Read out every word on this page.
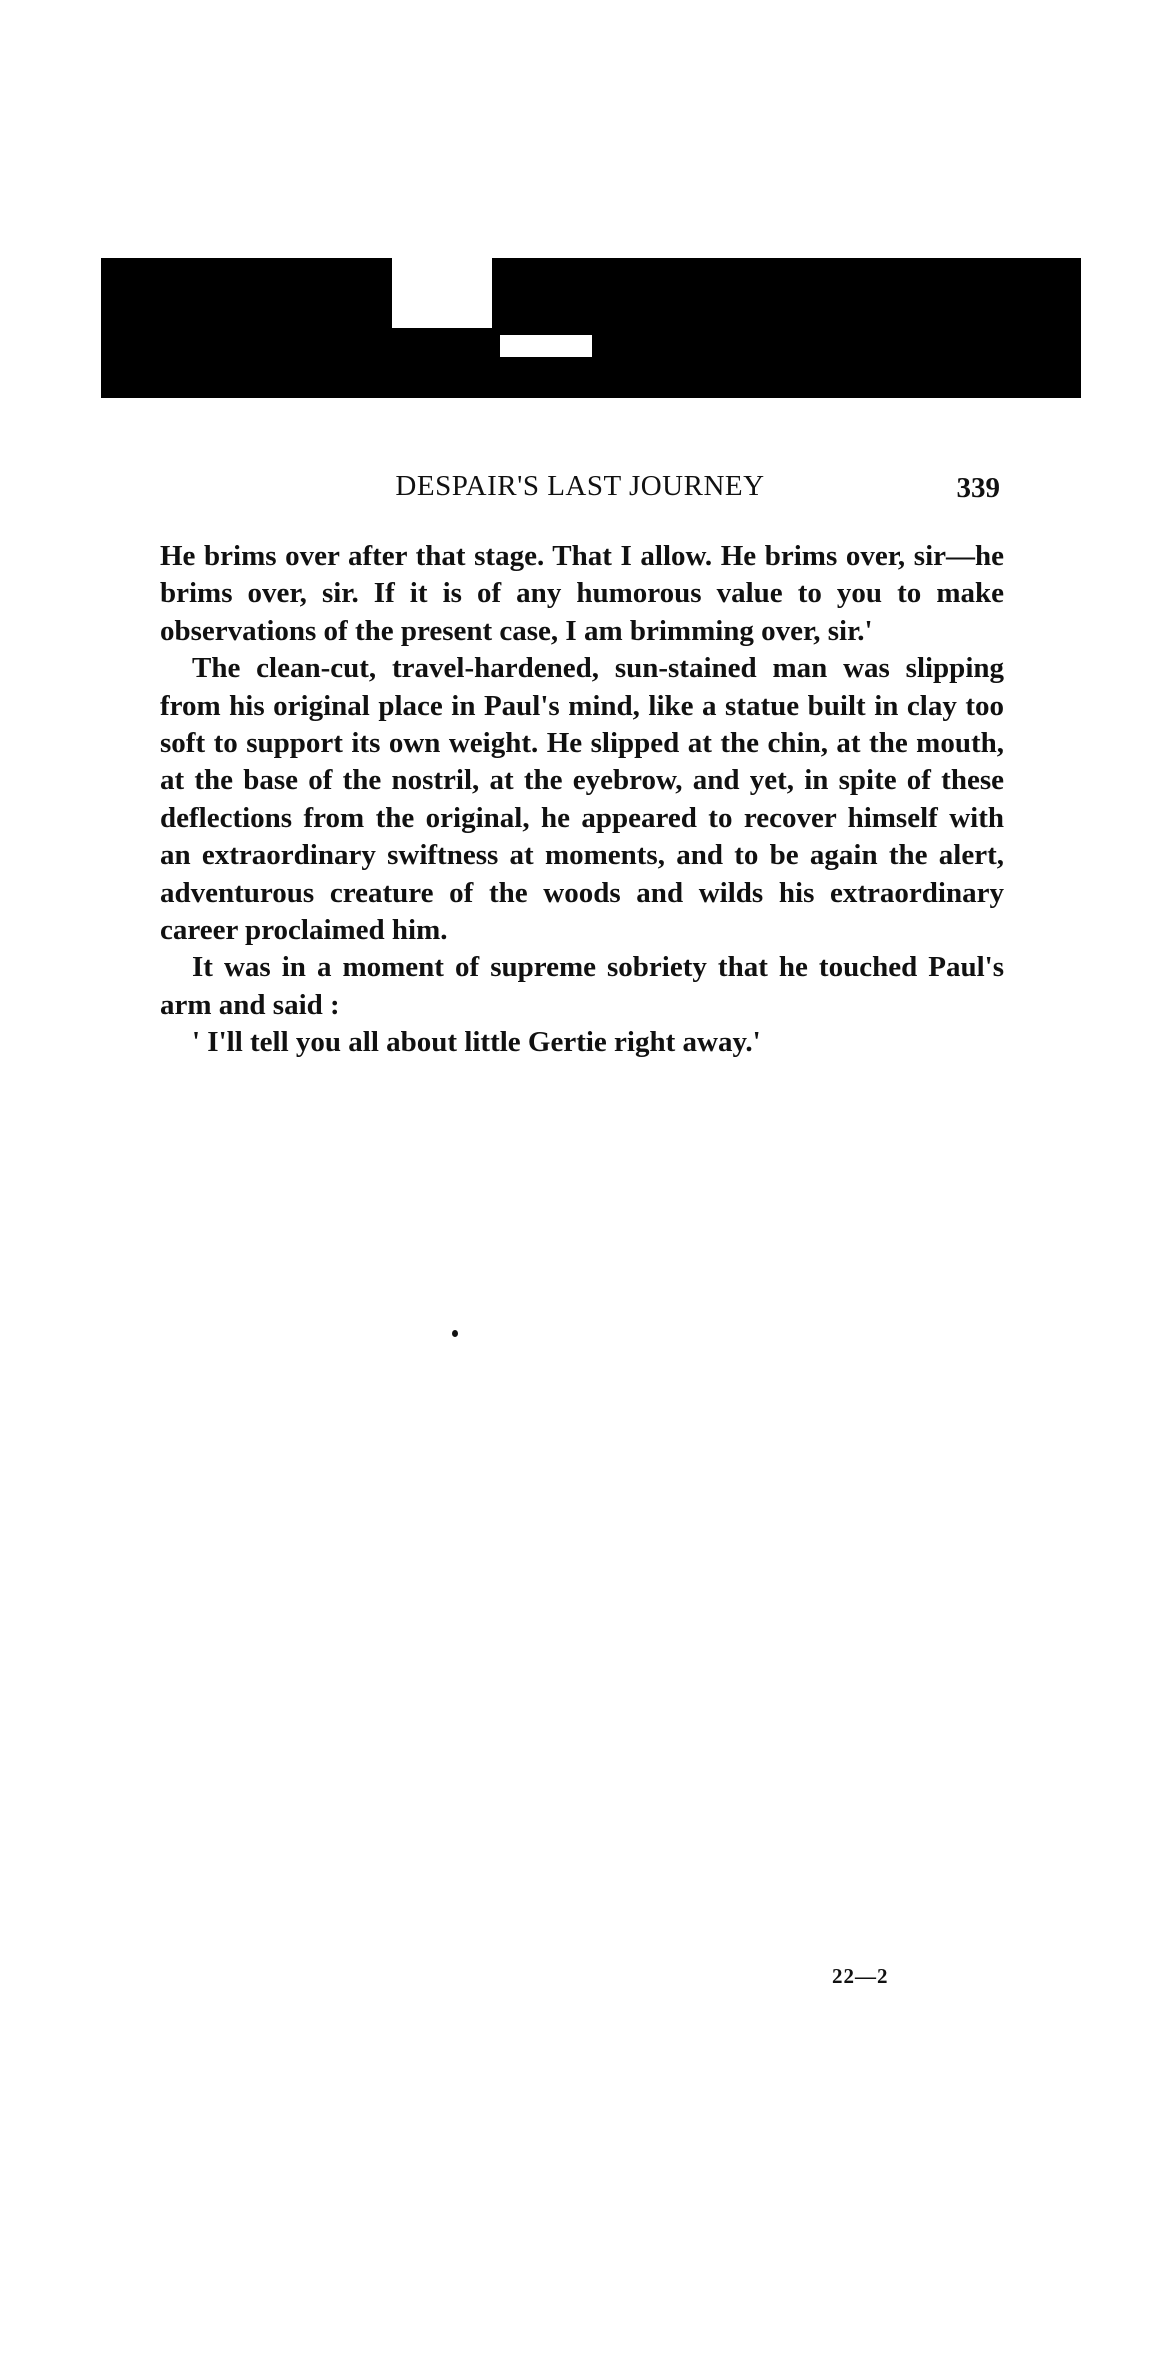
DESPAIR'S LAST JOURNEY	339

He brims over after that stage. That I allow. He brims over, sir—he brims over, sir. If it is of any humorous value to you to make observations of the present case, I am brimming over, sir.'

The clean-cut, travel-hardened, sun-stained man was slipping from his original place in Paul's mind, like a statue built in clay too soft to support its own weight. He slipped at the chin, at the mouth, at the base of the nostril, at the eyebrow, and yet, in spite of these deflections from the original, he appeared to recover himself with an extraordinary swiftness at moments, and to be again the alert, adventurous creature of the woods and wilds his extraordinary career proclaimed him.

It was in a moment of supreme sobriety that he touched Paul's arm and said :

' I'll tell you all about little Gertie right away.'

22—2
